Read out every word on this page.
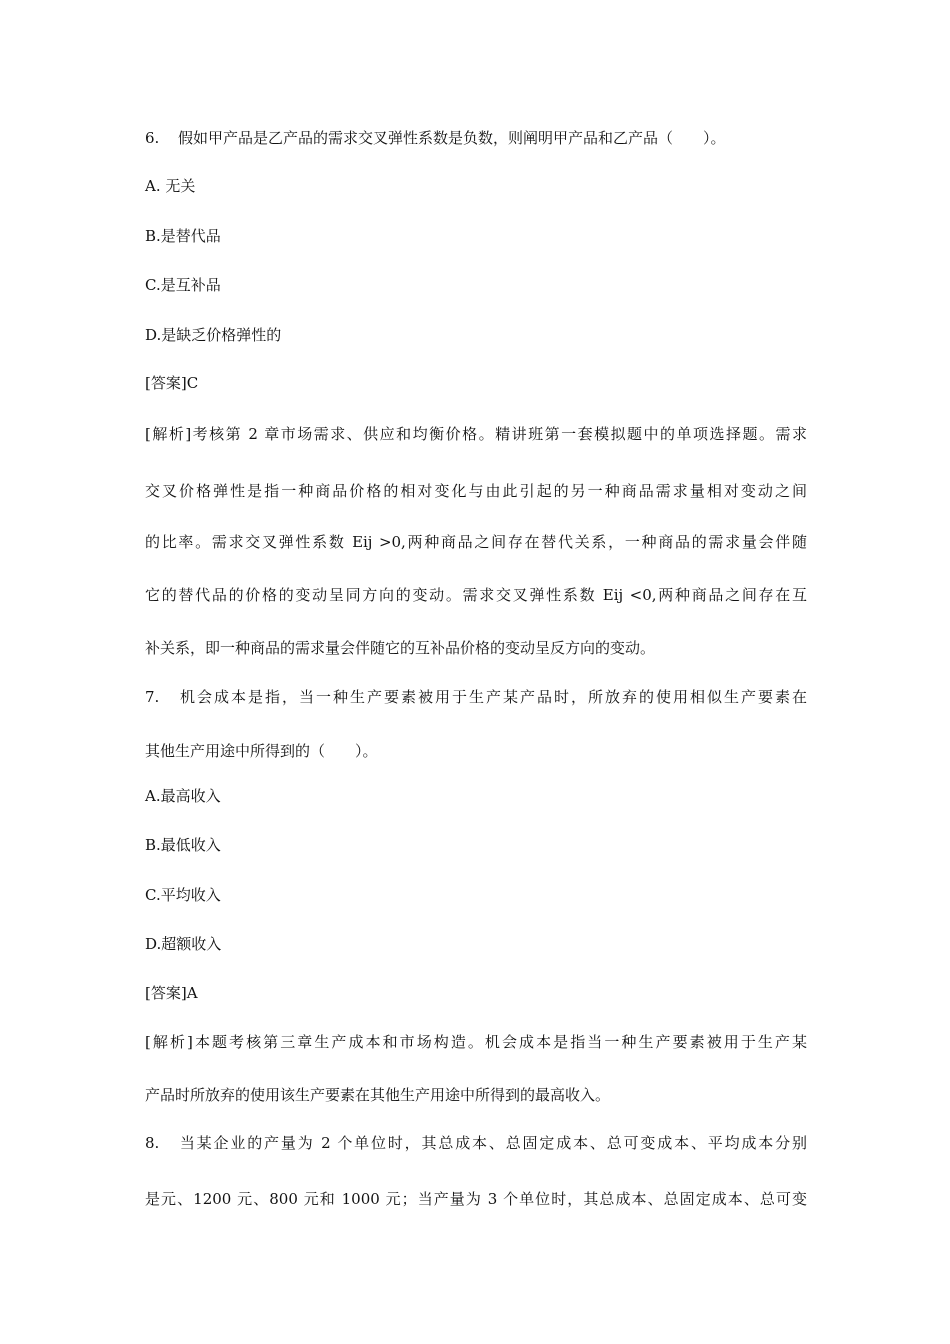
6. 假如甲产品是乙产品的需求交叉弹性系数是负数，则阐明甲产品和乙产品（　　）。
A. 无关
B.是替代品
C.是互补品
D.是缺乏价格弹性的
[答案]C
[解析]考核第 2 章市场需求、供应和均衡价格。精讲班第一套模拟题中的单项选择题。需求
交叉价格弹性是指一种商品价格的相对变化与由此引起的另一种商品需求量相对变动之间
的比率。需求交叉弹性系数 Eij >0,两种商品之间存在替代关系，一种商品的需求量会伴随
它的替代品的价格的变动呈同方向的变动。需求交叉弹性系数 Eij <0,两种商品之间存在互
补关系，即一种商品的需求量会伴随它的互补品价格的变动呈反方向的变动。
7. 机会成本是指，当一种生产要素被用于生产某产品时，所放弃的使用相似生产要素在
其他生产用途中所得到的（　　）。
A.最高收入
B.最低收入
C.平均收入
D.超额收入
[答案]A
[解析]本题考核第三章生产成本和市场构造。机会成本是指当一种生产要素被用于生产某
产品时所放弃的使用该生产要素在其他生产用途中所得到的最高收入。
8. 当某企业的产量为 2 个单位时，其总成本、总固定成本、总可变成本、平均成本分别
是元、1200 元、800 元和 1000 元；当产量为 3 个单位时，其总成本、总固定成本、总可变
